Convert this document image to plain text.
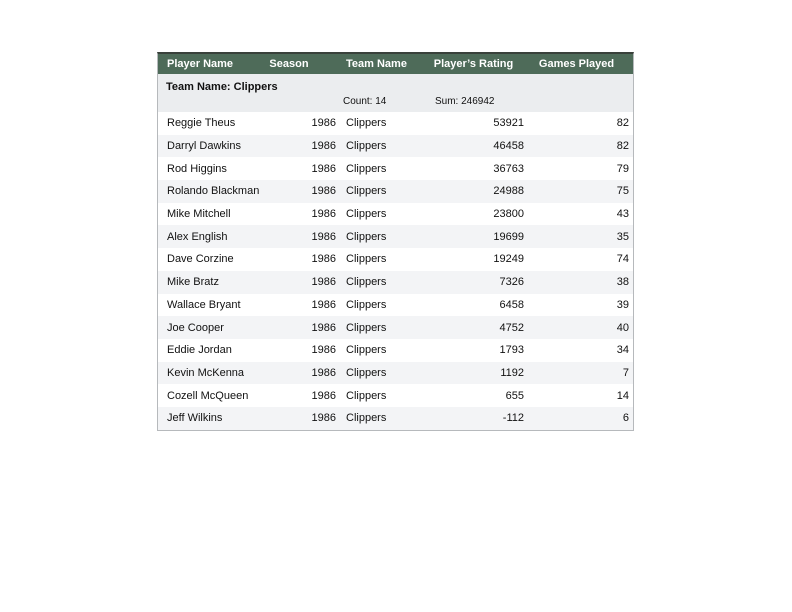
Player Name	Season	Team Name	Player’s Rating	Games Played
Team Name: Clippers
Count: 14	Sum: 246942
Reggie Theus	1986 Clippers	53921	82
Darryl Dawkins	1986 Clippers	46458	82
Rod Higgins	1986 Clippers	36763	79
Rolando Blackman	1986 Clippers	24988	75
Mike Mitchell	1986 Clippers	23800	43
Alex English	1986 Clippers	19699	35
Dave Corzine	1986 Clippers	19249	74
Mike Bratz	1986 Clippers	7326	38
Wallace Bryant	1986 Clippers	6458	39
Joe Cooper	1986 Clippers	4752	40
Eddie Jordan	1986 Clippers	1793	34
Kevin McKenna	1986 Clippers	1192	7
Cozell McQueen	1986 Clippers	655	14
Jeff Wilkins	1986 Clippers	-112	6
